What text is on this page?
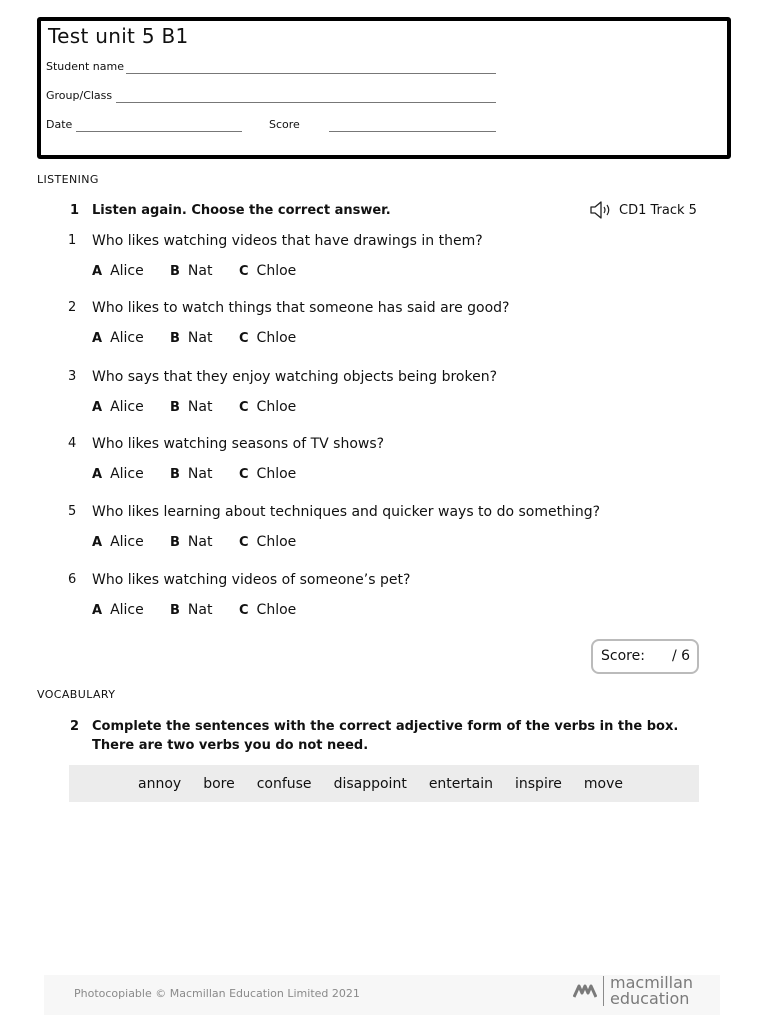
Test unit 5 B1
Student name
Group/Class
Date	Score
LISTENING
1 Listen again. Choose the correct answer.	CD1 Track 5
1 Who likes watching videos that have drawings in them?
A Alice B Nat C Chloe
2 Who likes to watch things that someone has said are good?
A Alice B Nat C Chloe
3 Who says that they enjoy watching objects being broken?
A Alice B Nat C Chloe
4 Who likes watching seasons of TV shows?
A Alice B Nat C Chloe
5 Who likes learning about techniques and quicker ways to do something?
A Alice B Nat C Chloe
6 Who likes watching videos of someone’s pet?
A Alice B Nat C Chloe
Score: / 6
VOCABULARY
2 Complete the sentences with the correct adjective form of the verbs in the box.
There are two verbs you do not need.
annoy bore confuse disappoint entertain inspire move
Photocopiable © Macmillan Education Limited 2021
macmillan
education
